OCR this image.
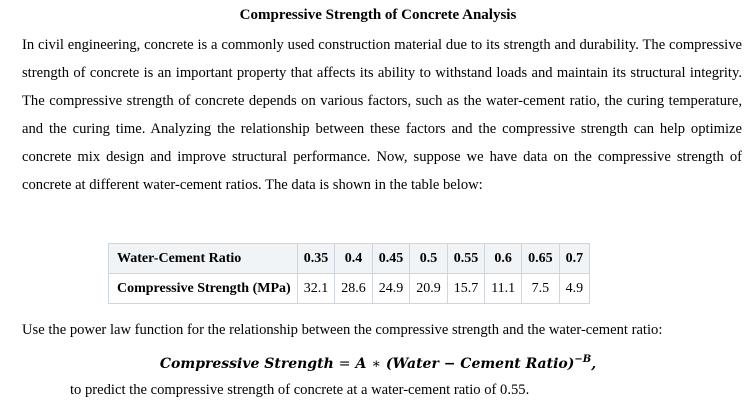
Compressive Strength of Concrete Analysis

In civil engineering, concrete is a commonly used construction material due to its strength and durability. The compressive strength of concrete is an important property that affects its ability to withstand loads and maintain its structural integrity. The compressive strength of concrete depends on various factors, such as the water-cement ratio, the curing temperature, and the curing time. Analyzing the relationship between these factors and the compressive strength can help optimize concrete mix design and improve structural performance. Now, suppose we have data on the compressive strength of concrete at different water-cement ratios. The data is shown in the table below:

Water-Cement Ratio	0.35	0.4	0.45	0.5	0.55	0.6	0.65	0.7
Compressive Strength (MPa)	32.1	28.6	24.9	20.9	15.7	11.1	7.5	4.9
Use the power law function for the relationship between the compressive strength and the water-cement ratio:
Compressive Strength = A ∗ (Water − Cement Ratio)$^{-B}$,
to predict the compressive strength of concrete at a water-cement ratio of 0.55.
